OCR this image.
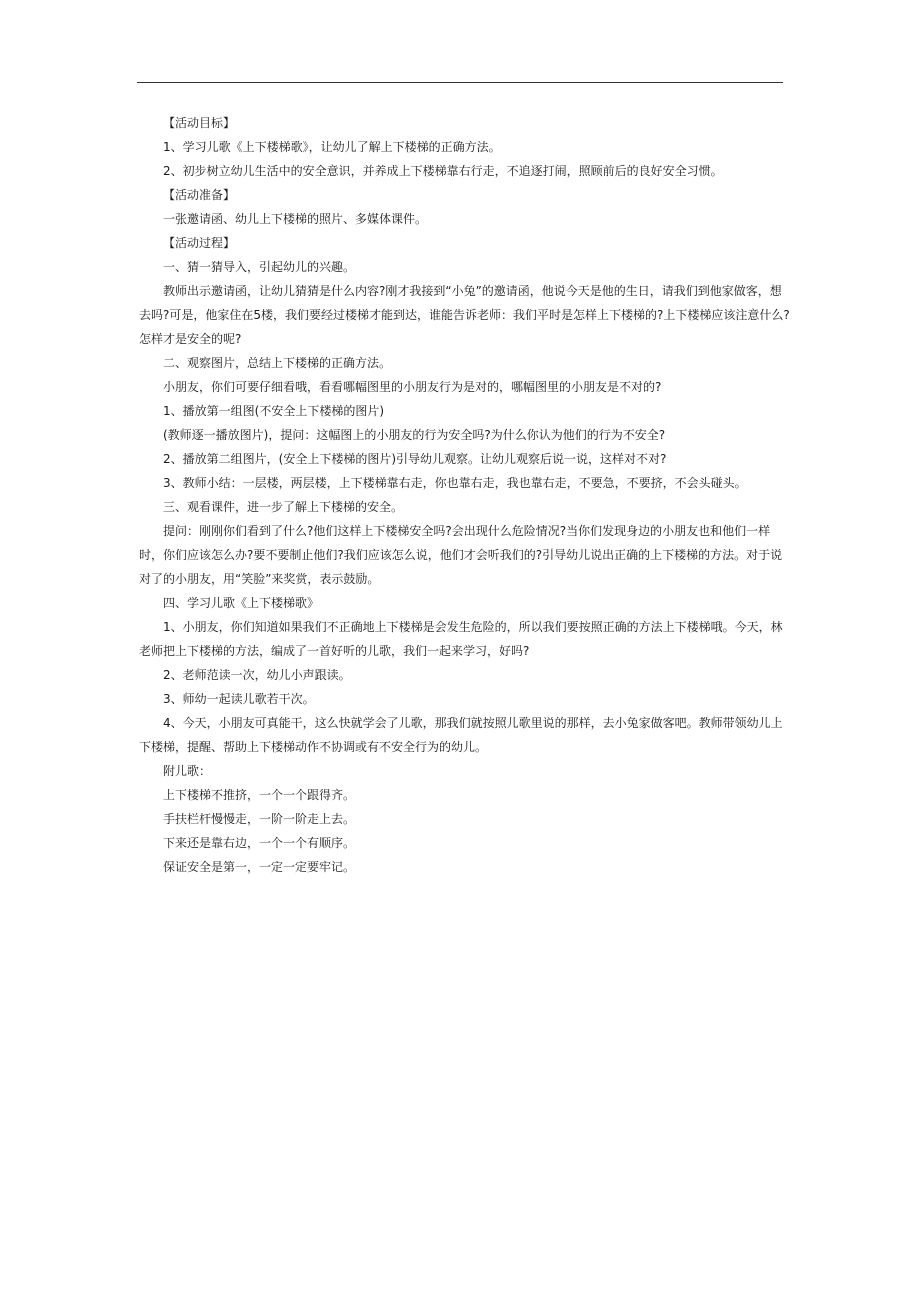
【活动目标】

1、学习儿歌《上下楼梯歌》，让幼儿了解上下楼梯的正确方法。

2、初步树立幼儿生活中的安全意识，并养成上下楼梯靠右行走，不追逐打闹，照顾前后的良好安全习惯。

【活动准备】

一张邀请函、幼儿上下楼梯的照片、多媒体课件。

【活动过程】

一、猜一猜导入，引起幼儿的兴趣。

教师出示邀请函，让幼儿猜猜是什么内容?刚才我接到“小兔”的邀请函，他说今天是他的生日，请我们到他家做客，想去吗?可是，他家住在5楼，我们要经过楼梯才能到达，谁能告诉老师：我们平时是怎样上下楼梯的?上下楼梯应该注意什么?怎样才是安全的呢?

二、观察图片，总结上下楼梯的正确方法。

小朋友，你们可要仔细看哦，看看哪幅图里的小朋友行为是对的，哪幅图里的小朋友是不对的?

1、播放第一组图(不安全上下楼梯的图片)

(教师逐一播放图片)，提问：这幅图上的小朋友的行为安全吗?为什么你认为他们的行为不安全?

2、播放第二组图片，(安全上下楼梯的图片)引导幼儿观察。让幼儿观察后说一说，这样对不对?

3、教师小结：一层楼，两层楼，上下楼梯靠右走，你也靠右走，我也靠右走，不要急，不要挤，不会头碰头。

三、观看课件，进一步了解上下楼梯的安全。

提问：刚刚你们看到了什么?他们这样上下楼梯安全吗?会出现什么危险情况?当你们发现身边的小朋友也和他们一样时，你们应该怎么办?要不要制止他们?我们应该怎么说，他们才会听我们的?引导幼儿说出正确的上下楼梯的方法。对于说对了的小朋友，用“笑脸”来奖赏，表示鼓励。

四、学习儿歌《上下楼梯歌》

1、小朋友，你们知道如果我们不正确地上下楼梯是会发生危险的，所以我们要按照正确的方法上下楼梯哦。今天，林老师把上下楼梯的方法，编成了一首好听的儿歌，我们一起来学习，好吗?

2、老师范读一次，幼儿小声跟读。

3、师幼一起读儿歌若干次。

4、今天，小朋友可真能干，这么快就学会了儿歌，那我们就按照儿歌里说的那样，去小兔家做客吧。教师带领幼儿上下楼梯，提醒、帮助上下楼梯动作不协调或有不安全行为的幼儿。

附儿歌：

上下楼梯不推挤，一个一个跟得齐。

手扶栏杆慢慢走，一阶一阶走上去。

下来还是靠右边，一个一个有顺序。

保证安全是第一，一定一定要牢记。
